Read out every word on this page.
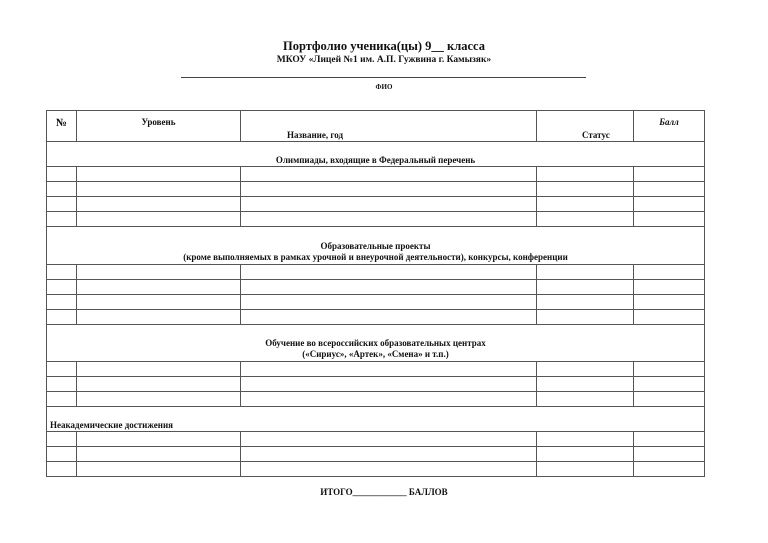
Портфолио ученика(цы) 9__ класса
МКОУ «Лицей №1 им. А.П. Гужвина г. Камызяк»
ФИО
№	Уровень	Название, год	Статус	Балл

Олимпиады, входящие в Федеральный перечень				

Образовательные проекты
(кроме выполняемых в рамках урочной и внеурочной деятельности), конкурсы, конференции				

Обучение во всероссийских образовательных центрах
(«Сириус», «Артек», «Смена» и т.п.)				

Неакадемические достижения				

ИТОГО____________ БАЛЛОВ
